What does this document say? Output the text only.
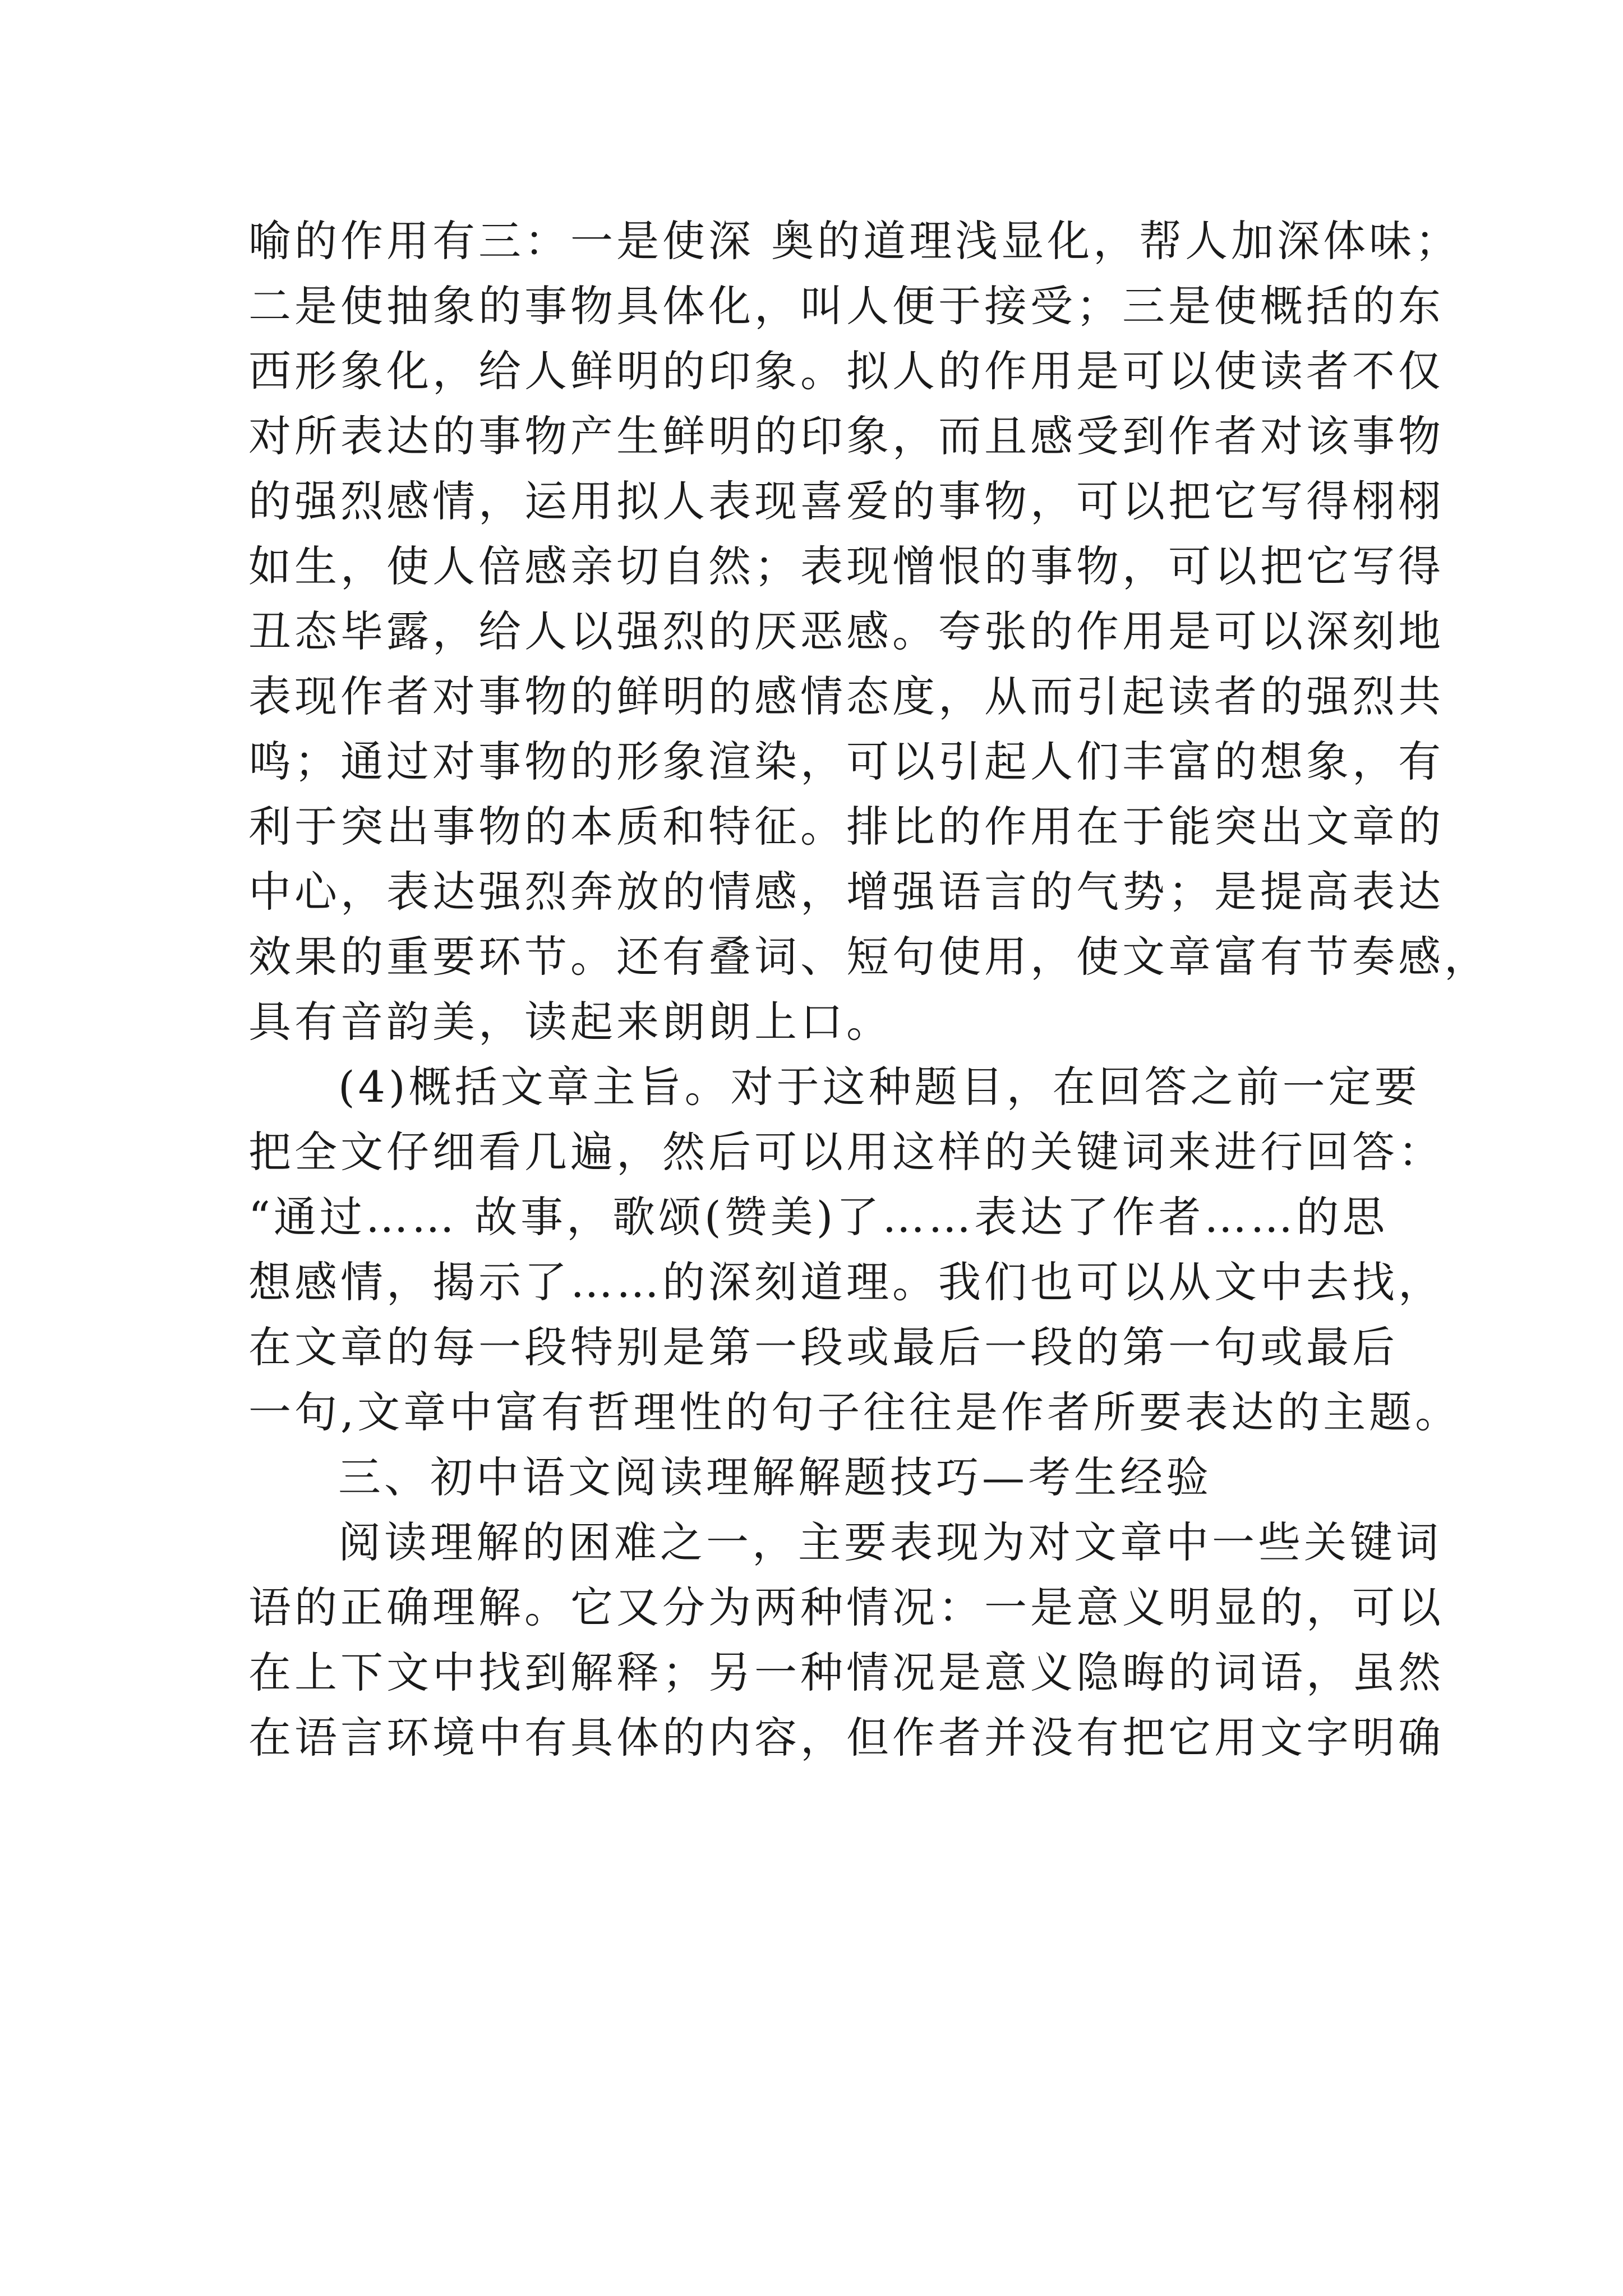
喻的作用有三：一是使深 奥的道理浅显化，帮人加深体味；
二是使抽象的事物具体化，叫人便于接受；三是使概括的东
西形象化，给人鲜明的印象。拟人的作用是可以使读者不仅
对所表达的事物产生鲜明的印象，而且感受到作者对该事物
的强烈感情，运用拟人表现喜爱的事物，可以把它写得栩栩
如生，使人倍感亲切自然；表现憎恨的事物，可以把它写得
丑态毕露，给人以强烈的厌恶感。夸张的作用是可以深刻地
表现作者对事物的鲜明的感情态度，从而引起读者的强烈共
鸣；通过对事物的形象渲染，可以引起人们丰富的想象，有
利于突出事物的本质和特征。排比的作用在于能突出文章的
中心，表达强烈奔放的情感，增强语言的气势；是提高表达
效果的重要环节。还有叠词、短句使用，使文章富有节奏感，
具有音韵美，读起来朗朗上口。
(4)概括文章主旨。对于这种题目，在回答之前一定要
把全文仔细看几遍，然后可以用这样的关键词来进行回答：
“通过…… 故事，歌颂(赞美)了……表达了作者……的思
想感情，揭示了……的深刻道理。我们也可以从文中去找，
在文章的每一段特别是第一段或最后一段的第一句或最后
一句,文章中富有哲理性的句子往往是作者所要表达的主题。
三、初中语文阅读理解解题技巧—考生经验
阅读理解的困难之一，主要表现为对文章中一些关键词
语的正确理解。它又分为两种情况：一是意义明显的，可以
在上下文中找到解释；另一种情况是意义隐晦的词语，虽然
在语言环境中有具体的内容，但作者并没有把它用文字明确
